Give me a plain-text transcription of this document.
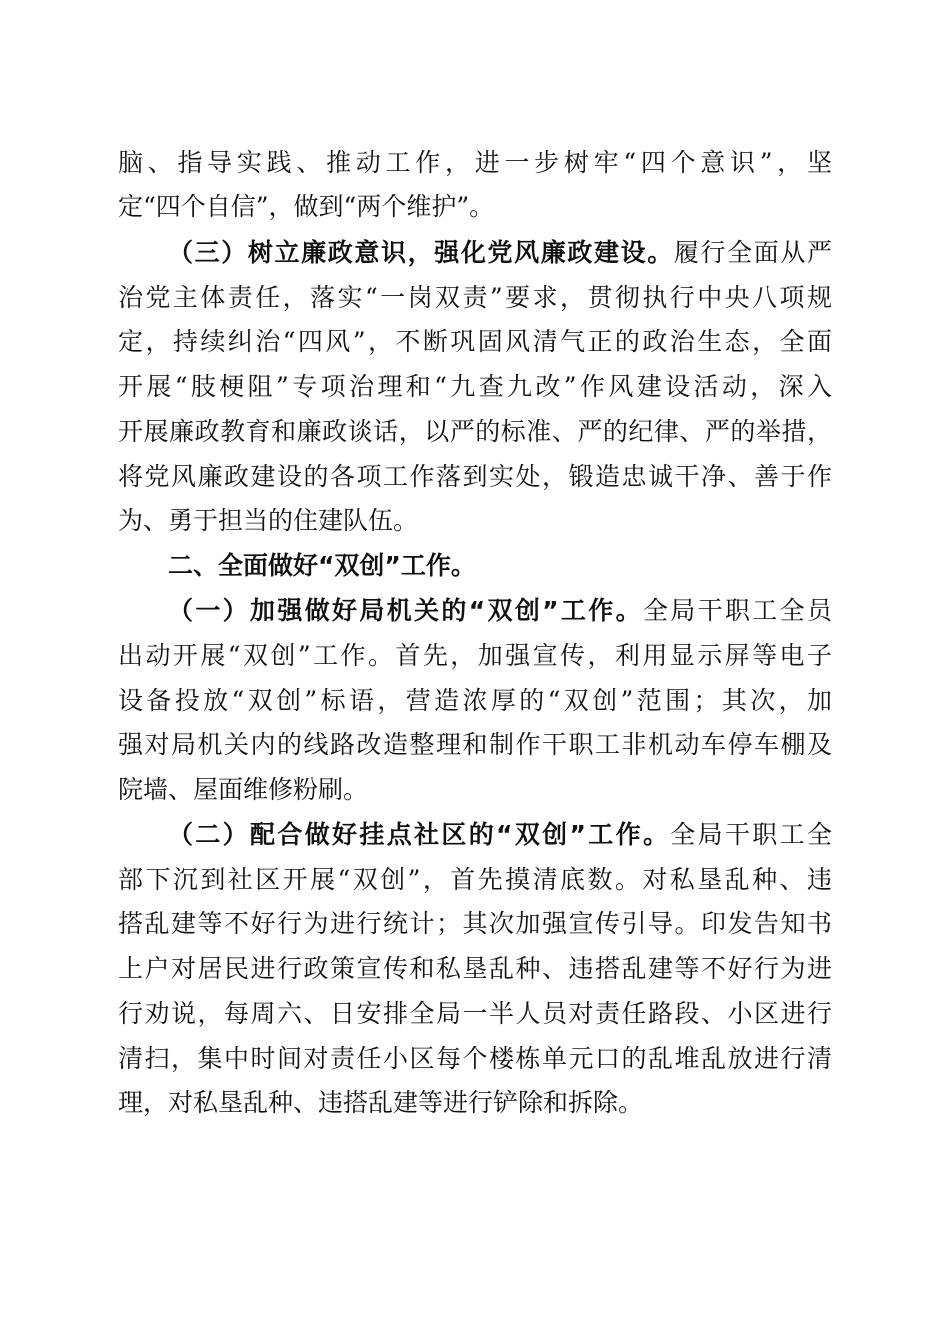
脑、指导实践、推动工作，进一步树牢“四个意识”，坚
定“四个自信”，做到“两个维护”。
（三）树立廉政意识，强化党风廉政建设。履行全面从严
治党主体责任，落实“一岗双责”要求，贯彻执行中央八项规
定，持续纠治“四风”，不断巩固风清气正的政治生态，全面
开展“肢梗阻”专项治理和“九查九改”作风建设活动，深入
开展廉政教育和廉政谈话，以严的标准、严的纪律、严的举措，
将党风廉政建设的各项工作落到实处，锻造忠诚干净、善于作
为、勇于担当的住建队伍。
二、全面做好“双创”工作。
（一）加强做好局机关的“双创”工作。全局干职工全员
出动开展“双创”工作。首先，加强宣传，利用显示屏等电子
设备投放“双创”标语，营造浓厚的“双创”范围；其次，加
强对局机关内的线路改造整理和制作干职工非机动车停车棚及
院墙、屋面维修粉刷。
（二）配合做好挂点社区的“双创”工作。全局干职工全
部下沉到社区开展“双创”，首先摸清底数。对私垦乱种、违
搭乱建等不好行为进行统计；其次加强宣传引导。印发告知书
上户对居民进行政策宣传和私垦乱种、违搭乱建等不好行为进
行劝说，每周六、日安排全局一半人员对责任路段、小区进行
清扫，集中时间对责任小区每个楼栋单元口的乱堆乱放进行清
理，对私垦乱种、违搭乱建等进行铲除和拆除。
